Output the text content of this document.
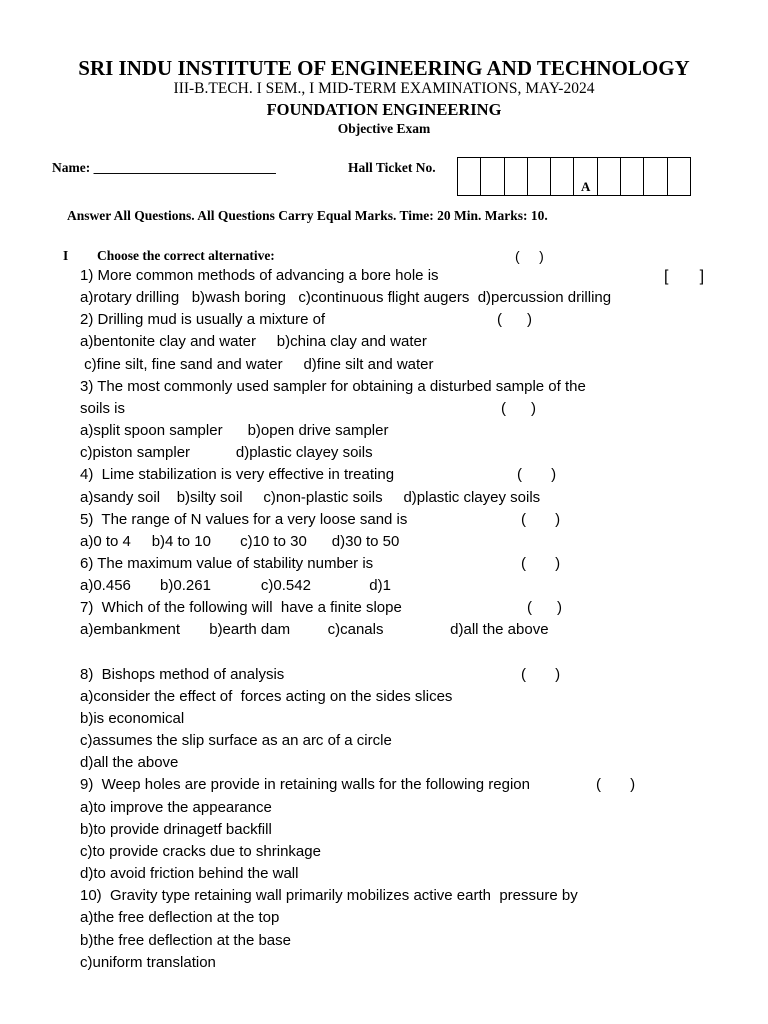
SRI INDU INSTITUTE OF ENGINEERING AND TECHNOLOGY
III-B.TECH. I SEM., I MID-TERM EXAMINATIONS, MAY-2024
FOUNDATION ENGINEERING
Objective Exam
Name: ___________________________	Hall Ticket No.
					A				
Answer All Questions. All Questions Carry Equal Marks. Time: 20 Min. Marks: 10.
I Choose the correct alternative:	(     )
[       ]
1) More common methods of advancing a bore hole is
a)rotary drilling   b)wash boring   c)continuous flight augers  d)percussion drilling
2) Drilling mud is usually a mixture of	(      )
a)bentonite clay and water     b)china clay and water
c)fine silt, fine sand and water     d)fine silt and water
3) The most commonly used sampler for obtaining a disturbed sample of the
soils is	(      )
a)split spoon sampler      b)open drive sampler
c)piston sampler           d)plastic clayey soils
4)  Lime stabilization is very effective in treating	(       )
a)sandy soil    b)silty soil     c)non-plastic soils     d)plastic clayey soils
5)  The range of N values for a very loose sand is	(       )
a)0 to 4     b)4 to 10       c)10 to 30      d)30 to 50
6) The maximum value of stability number is	(       )
a)0.456       b)0.261            c)0.542              d)1
7)  Which of the following will  have a finite slope	(      )
a)embankment       b)earth dam         c)canals                d)all the above
8)  Bishops method of analysis	(       )
a)consider the effect of  forces acting on the sides slices
b)is economical
c)assumes the slip surface as an arc of a circle
d)all the above
9)  Weep holes are provide in retaining walls for the following region	(       )
a)to improve the appearance
b)to provide drinagetf backfill
c)to provide cracks due to shrinkage
d)to avoid friction behind the wall
10)  Gravity type retaining wall primarily mobilizes active earth  pressure by
a)the free deflection at the top
b)the free deflection at the base
c)uniform translation
